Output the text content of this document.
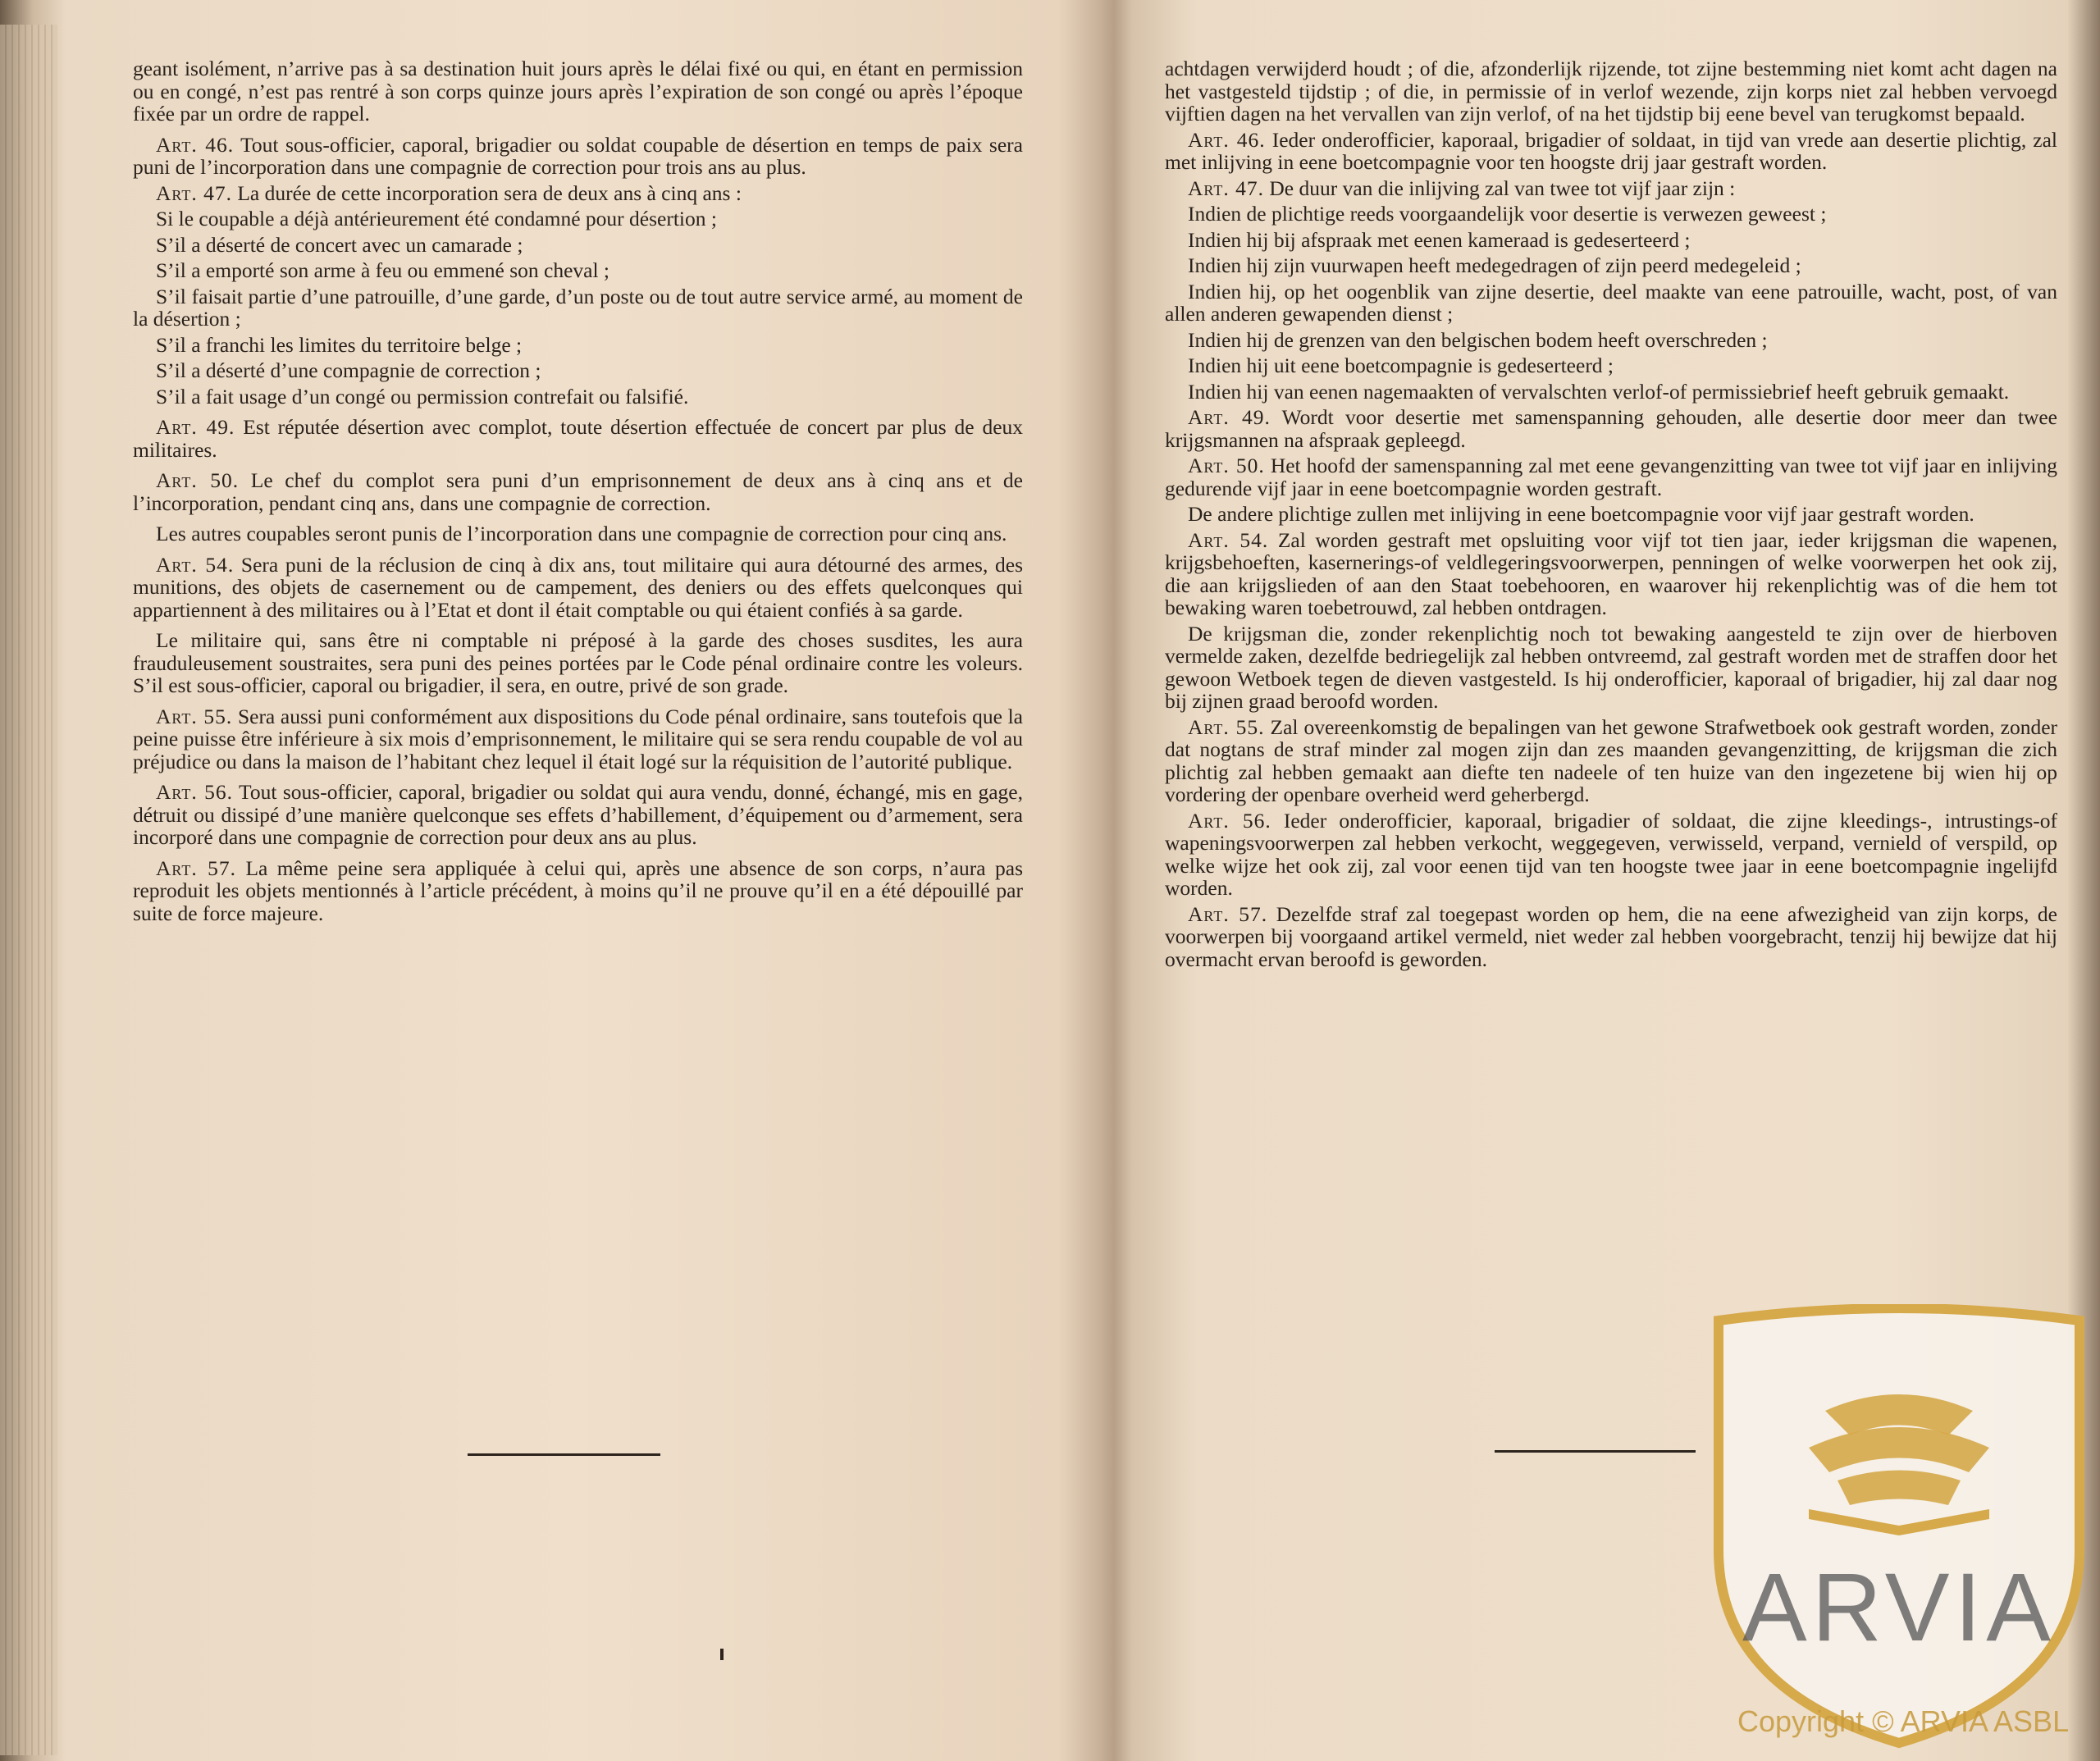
geant isolément, n’arrive pas à sa destination huit jours après le délai fixé ou qui, en étant en permission ou en congé, n’est pas rentré à son corps quinze jours après l’expiration de son congé ou après l’époque fixée par un ordre de rappel.

Art. 46. Tout sous-officier, caporal, brigadier ou soldat coupable de désertion en temps de paix sera puni de l’incorporation dans une compagnie de correction pour trois ans au plus.

Art. 47. La durée de cette incorporation sera de deux ans à cinq ans :

Si le coupable a déjà antérieurement été condamné pour désertion ;

S’il a déserté de concert avec un camarade ;

S’il a emporté son arme à feu ou emmené son cheval ;

S’il faisait partie d’une patrouille, d’une garde, d’un poste ou de tout autre service armé, au moment de la désertion ;

S’il a franchi les limites du territoire belge ;

S’il a déserté d’une compagnie de correction ;

S’il a fait usage d’un congé ou permission contrefait ou falsifié.

Art. 49. Est réputée désertion avec complot, toute désertion effectuée de concert par plus de deux militaires.

Art. 50. Le chef du complot sera puni d’un emprisonnement de deux ans à cinq ans et de l’incorporation, pendant cinq ans, dans une compagnie de correction.

Les autres coupables seront punis de l’incorporation dans une compagnie de correction pour cinq ans.

Art. 54. Sera puni de la réclusion de cinq à dix ans, tout militaire qui aura détourné des armes, des munitions, des objets de casernement ou de campement, des deniers ou des effets quelconques qui appartiennent à des militaires ou à l’Etat et dont il était comptable ou qui étaient confiés à sa garde.

Le militaire qui, sans être ni comptable ni préposé à la garde des choses susdites, les aura frauduleusement soustraites, sera puni des peines portées par le Code pénal ordinaire contre les voleurs. S’il est sous-officier, caporal ou brigadier, il sera, en outre, privé de son grade.

Art. 55. Sera aussi puni conformément aux dispositions du Code pénal ordinaire, sans toutefois que la peine puisse être inférieure à six mois d’emprisonnement, le militaire qui se sera rendu coupable de vol au préjudice ou dans la maison de l’habitant chez lequel il était logé sur la réquisition de l’autorité publique.

Art. 56. Tout sous-officier, caporal, brigadier ou soldat qui aura vendu, donné, échangé, mis en gage, détruit ou dissipé d’une manière quelconque ses effets d’habillement, d’équipement ou d’armement, sera incorporé dans une compagnie de correction pour deux ans au plus.

Art. 57. La même peine sera appliquée à celui qui, après une absence de son corps, n’aura pas reproduit les objets mentionnés à l’article précédent, à moins qu’il ne prouve qu’il en a été dépouillé par suite de force majeure.

achtdagen verwijderd houdt ; of die, afzonderlijk rijzende, tot zijne bestemming niet komt acht dagen na het vastgesteld tijdstip ; of die, in permissie of in verlof wezende, zijn korps niet zal hebben vervoegd vijftien dagen na het vervallen van zijn verlof, of na het tijdstip bij eene bevel van terugkomst bepaald.

Art. 46. Ieder onderofficier, kaporaal, brigadier of soldaat, in tijd van vrede aan desertie plichtig, zal met inlijving in eene boetcompagnie voor ten hoogste drij jaar gestraft worden.

Art. 47. De duur van die inlijving zal van twee tot vijf jaar zijn :

Indien de plichtige reeds voorgaandelijk voor desertie is verwezen geweest ;

Indien hij bij afspraak met eenen kameraad is gedeserteerd ;

Indien hij zijn vuurwapen heeft medegedragen of zijn peerd medegeleid ;

Indien hij, op het oogenblik van zijne desertie, deel maakte van eene patrouille, wacht, post, of van allen anderen gewapenden dienst ;

Indien hij de grenzen van den belgischen bodem heeft overschreden ;

Indien hij uit eene boetcompagnie is gedeserteerd ;

Indien hij van eenen nagemaakten of vervalschten verlof-of permissiebrief heeft gebruik gemaakt.

Art. 49. Wordt voor desertie met samenspanning gehouden, alle desertie door meer dan twee krijgsmannen na afspraak gepleegd.

Art. 50. Het hoofd der samenspanning zal met eene gevangenzitting van twee tot vijf jaar en inlijving gedurende vijf jaar in eene boetcompagnie worden gestraft.

De andere plichtige zullen met inlijving in eene boetcompagnie voor vijf jaar gestraft worden.

Art. 54. Zal worden gestraft met opsluiting voor vijf tot tien jaar, ieder krijgsman die wapenen, krijgsbehoeften, kasernerings-of veldlegeringsvoorwerpen, penningen of welke voorwerpen het ook zij, die aan krijgslieden of aan den Staat toebehooren, en waarover hij rekenplichtig was of die hem tot bewaking waren toebetrouwd, zal hebben ontdragen.

De krijgsman die, zonder rekenplichtig noch tot bewaking aangesteld te zijn over de hierboven vermelde zaken, dezelfde bedriegelijk zal hebben ontvreemd, zal gestraft worden met de straffen door het gewoon Wetboek tegen de dieven vastgesteld. Is hij onderofficier, kaporaal of brigadier, hij zal daar nog bij zijnen graad beroofd worden.

Art. 55. Zal overeenkomstig de bepalingen van het gewone Strafwetboek ook gestraft worden, zonder dat nogtans de straf minder zal mogen zijn dan zes maanden gevangenzitting, de krijgsman die zich plichtig zal hebben gemaakt aan diefte ten nadeele of ten huize van den ingezetene bij wien hij op vordering der openbare overheid werd geherbergd.

Art. 56. Ieder onderofficier, kaporaal, brigadier of soldaat, die zijne kleedings-, intrustings-of wapeningsvoorwerpen zal hebben verkocht, weggegeven, verwisseld, verpand, vernield of verspild, op welke wijze het ook zij, zal voor eenen tijd van ten hoogste twee jaar in eene boetcompagnie ingelijfd worden.

Art. 57. Dezelfde straf zal toegepast worden op hem, die na eene afwezigheid van zijn korps, de voorwerpen bij voorgaand artikel vermeld, niet weder zal hebben voorgebracht, tenzij hij bewijze dat hij overmacht ervan beroofd is geworden.

ARVIA
Copyright © ARVIA ASBL
